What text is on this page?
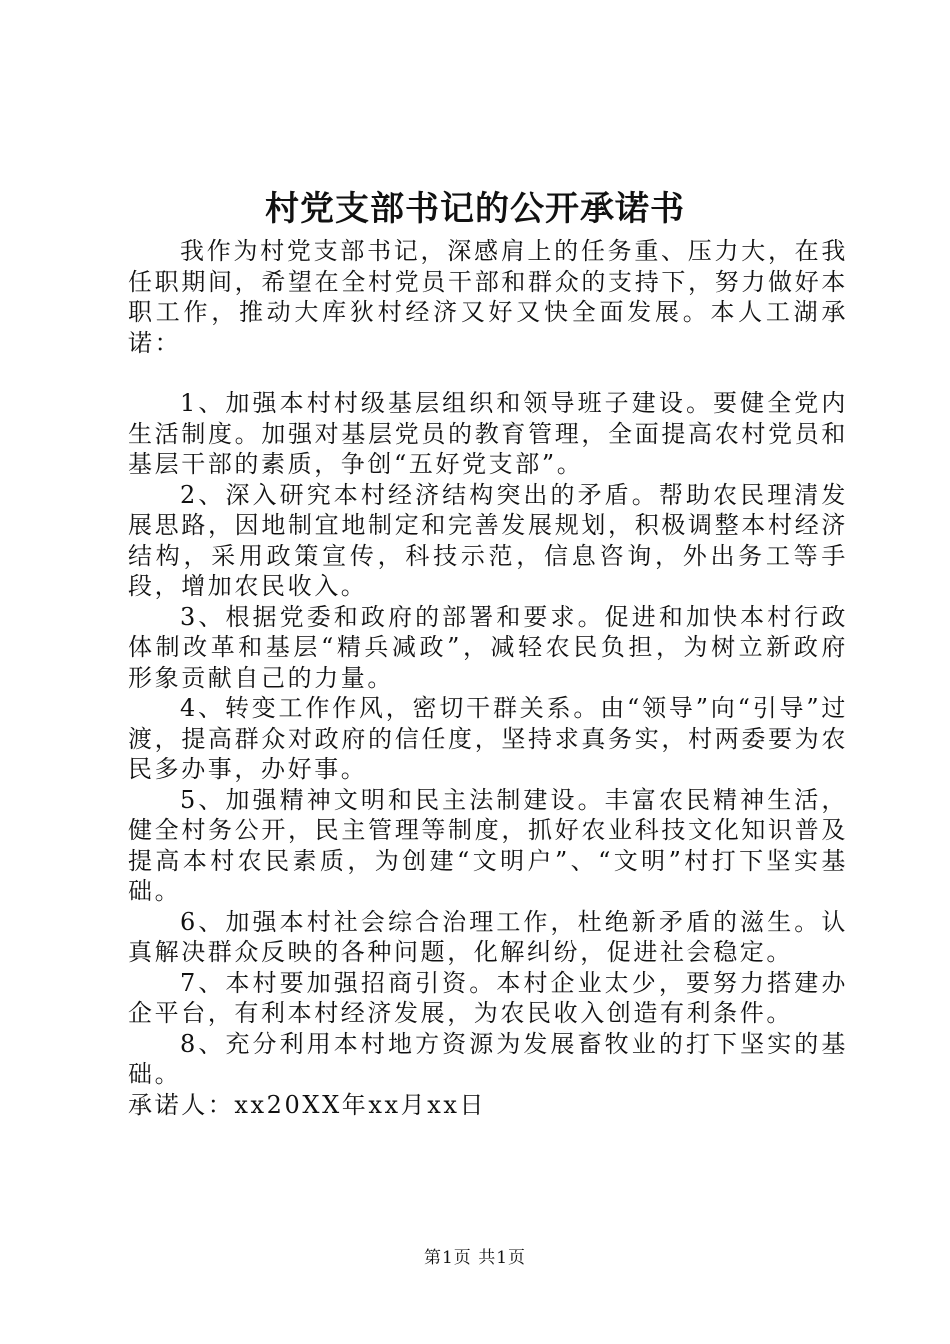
村党支部书记的公开承诺书

我作为村党支部书记，深感肩上的任务重、压力大，在我任职期间，希望在全村党员干部和群众的支持下，努力做好本职工作，推动大库狄村经济又好又快全面发展。本人工湖承诺：

1、加强本村村级基层组织和领导班子建设。要健全党内生活制度。加强对基层党员的教育管理，全面提高农村党员和基层干部的素质，争创“五好党支部”。

2、深入研究本村经济结构突出的矛盾。帮助农民理清发展思路，因地制宜地制定和完善发展规划，积极调整本村经济结构，采用政策宣传，科技示范，信息咨询，外出务工等手段，增加农民收入。

3、根据党委和政府的部署和要求。促进和加快本村行政体制改革和基层“精兵减政”，减轻农民负担，为树立新政府形象贡献自己的力量。

4、转变工作作风，密切干群关系。由“领导”向“引导”过渡，提高群众对政府的信任度，坚持求真务实，村两委要为农民多办事，办好事。

5、加强精神文明和民主法制建设。丰富农民精神生活，健全村务公开，民主管理等制度，抓好农业科技文化知识普及提高本村农民素质，为创建“文明户”、“文明”村打下坚实基础。

6、加强本村社会综合治理工作，杜绝新矛盾的滋生。认真解决群众反映的各种问题，化解纠纷，促进社会稳定。

7、本村要加强招商引资。本村企业太少，要努力搭建办企平台，有利本村经济发展，为农民收入创造有利条件。

8、充分利用本村地方资源为发展畜牧业的打下坚实的基础。

承诺人：xx20XX年xx月xx日

第1页 共1页
